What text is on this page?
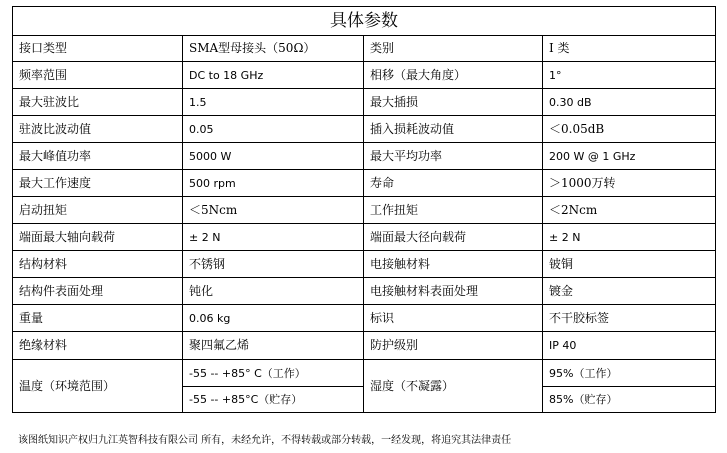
具体参数			
接口类型	SMA型母接头（50Ω）	类别	I 类
频率范围	DC to 18 GHz	相移（最大角度）	1°
最大驻波比	1.5	最大插损	0.30 dB
驻波比波动值	0.05	插入损耗波动值	＜0.05dB
最大峰值功率	5000 W	最大平均功率	200 W @ 1 GHz
最大工作速度	500 rpm	寿命	＞1000万转
启动扭矩	＜5Ncm	工作扭矩	＜2Ncm
端面最大轴向载荷	± 2 N	端面最大径向载荷	± 2 N
结构材料	不锈钢	电接触材料	铍铜
结构件表面处理	钝化	电接触材料表面处理	镀金
重量	0.06 kg	标识	不干胶标签
绝缘材料	聚四氟乙烯	防护级别	IP 40
温度（环境范围）	-55 -- +85° C（工作）	湿度（不凝露）	95%（工作）
	-55 -- +85°C（贮存）		85%（贮存）
该图纸知识产权归九江英智科技有限公司 所有，未经允许，不得转载或部分转载，一经发现，将追究其法律责任
